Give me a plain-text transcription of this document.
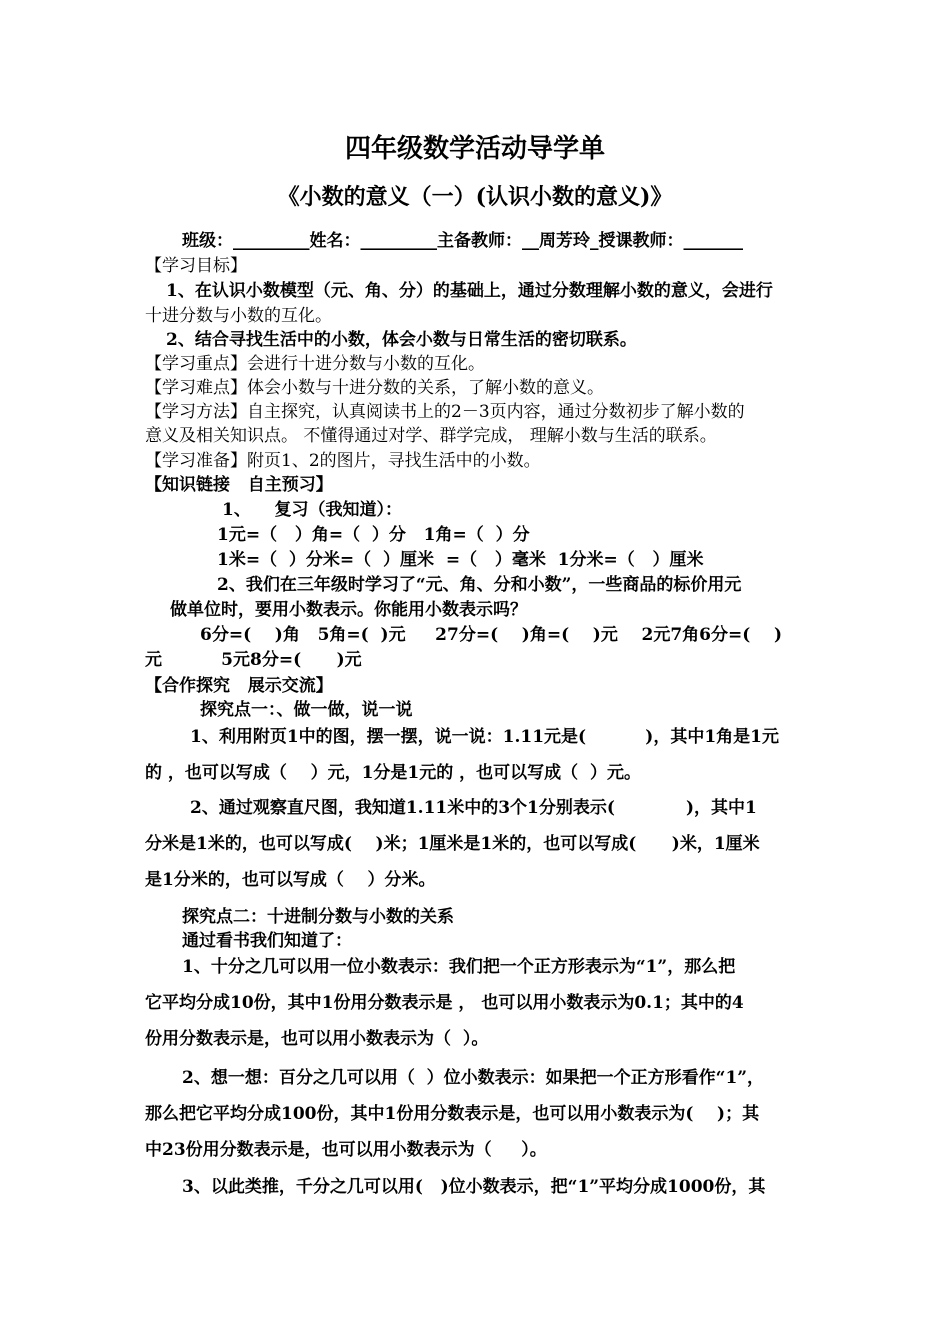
四年级数学活动导学单
《小数的意义（一）(认识小数的意义)》
班级：_________姓名：_________主备教师：__周芳玲_授课教师：_______
【学习目标】
1、在认识小数模型（元、角、分）的基础上，通过分数理解小数的意义，会进行
十进分数与小数的互化。
2、结合寻找生活中的小数，体会小数与日常生活的密切联系。
【学习重点】会进行十进分数与小数的互化。
【学习难点】体会小数与十进分数的关系，了解小数的意义。
【学习方法】自主探究，认真阅读书上的2－3页内容，通过分数初步了解小数的
意义及相关知识点。 不懂得通过对学、群学完成， 理解小数与生活的联系。
【学习准备】附页1、2的图片，寻找生活中的小数。
【知识链接   自主预习】
1、    复习（我知道）：
1元=（   ）角=（  ）分   1角=（  ）分
1米=（  ）分米=（  ）厘米  =（   ）毫米  1分米=（   ）厘米
2、我们在三年级时学习了“元、角、分和小数”，一些商品的标价用元
做单位时，要用小数表示。你能用小数表示吗？
6分=(    )角   5角=(  )元     27分=(    )角=(    )元    2元7角6分=(    )
元          5元8分=(      )元
【合作探究   展示交流】
探究点一：、做一做，说一说
1、利用附页1中的图，摆一摆，说一说：1.11元是(          )，其中1角是1元
的 ，也可以写成（    ）元，1分是1元的 ，也可以写成（  ）元。
2、通过观察直尺图，我知道1.11米中的3个1分别表示(            )，其中1
分米是1米的，也可以写成(    )米；1厘米是1米的，也可以写成(      )米，1厘米
是1分米的，也可以写成（    ）分米。
探究点二：十进制分数与小数的关系
通过看书我们知道了：
1、十分之几可以用一位小数表示：我们把一个正方形表示为“1”，那么把
它平均分成10份，其中1份用分数表示是 ， 也可以用小数表示为0.1；其中的4
份用分数表示是，也可以用小数表示为（  ）。
2、想一想：百分之几可以用（  ）位小数表示：如果把一个正方形看作“1”，
那么把它平均分成100份，其中1份用分数表示是，也可以用小数表示为(    )；其
中23份用分数表示是，也可以用小数表示为（     ）。
3、以此类推，千分之几可以用(   )位小数表示，把“1”平均分成1000份，其
